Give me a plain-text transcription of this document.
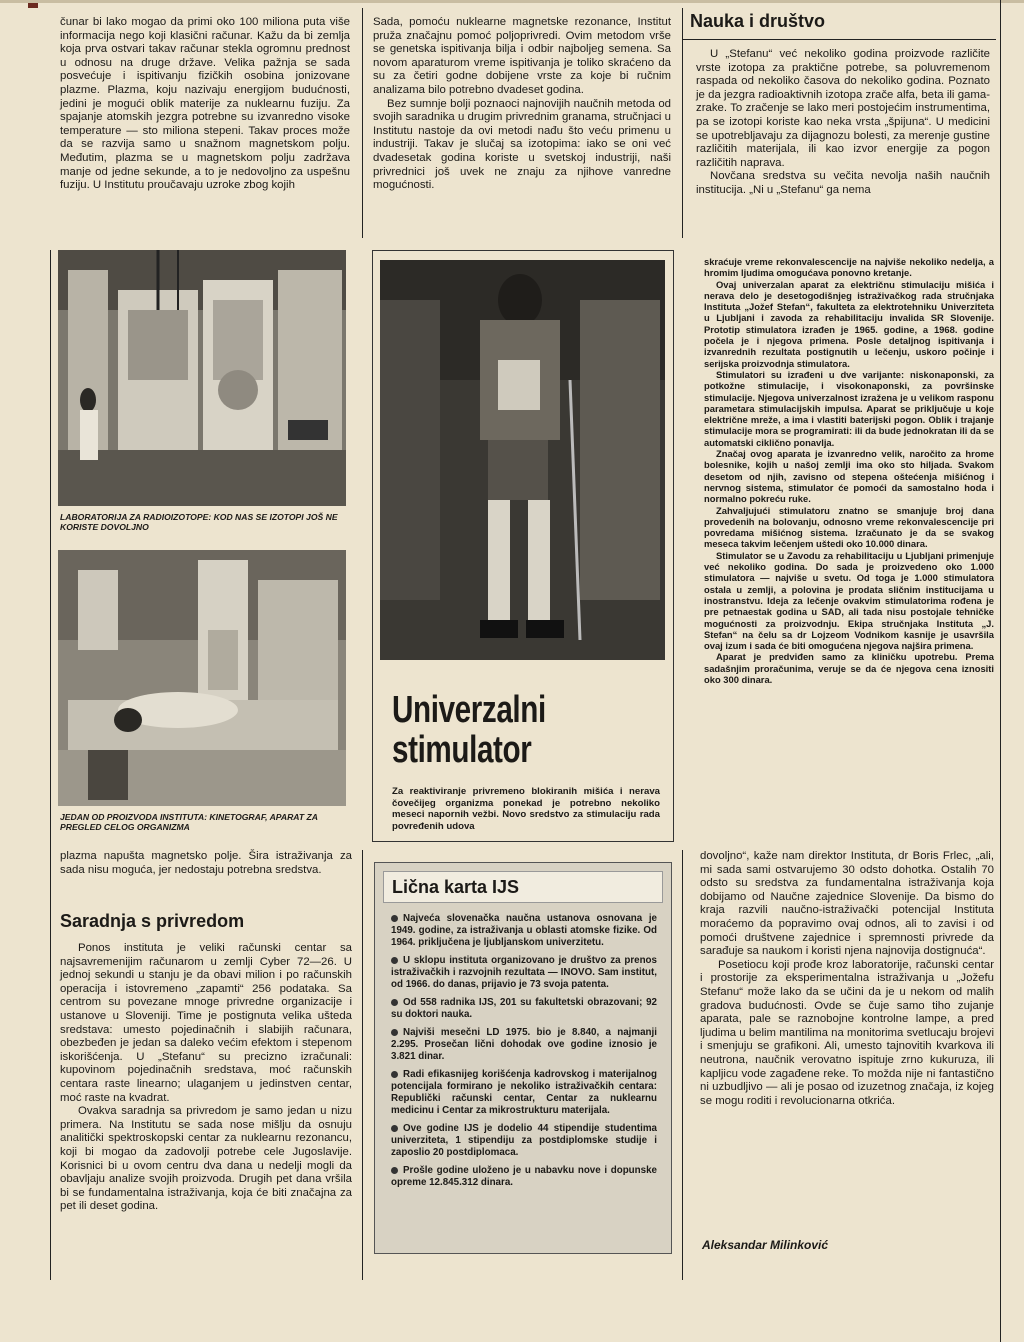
čunar bi lako mogao da primi oko 100 miliona puta više informacija nego koji klasični računar. Kažu da bi zemlja koja prva ostvari takav računar stekla ogromnu prednost u odnosu na druge države. Velika pažnja se sada posvećuje i ispitivanju fizičkih osobina jonizovane plazme. Plazma, koju nazivaju energijom budućnosti, jedini je mogući oblik materije za nuklearnu fuziju. Za spajanje atomskih jezgra potrebne su izvanredno visoke temperature — sto miliona stepeni. Takav proces može da se razvija samo u snažnom magnetskom polju. Međutim, plazma se u magnetskom polju zadržava manje od jedne sekunde, a to je nedovoljno za uspešnu fuziju. U Institutu proučavaju uzroke zbog kojih

Sada, pomoću nuklearne magnetske rezonance, Institut pruža značajnu pomoć poljoprivredi. Ovim metodom vrše se genetska ispitivanja bilja i odbir najboljeg semena. Sa novom aparaturom vreme ispitivanja je toliko skraćeno da su za četiri godne dobijene vrste za koje bi ručnim analizama bilo potrebno dvadeset godina.

Bez sumnje bolji poznaoci najnovijih naučnih metoda od svojih saradnika u drugim privrednim granama, stručnjaci u Institutu nastoje da ovi metodi nađu što veću primenu u industriji. Takav je slučaj sa izotopima: iako se oni već dvadesetak godina koriste u svetskoj industriji, naši privrednici još uvek ne znaju za njihove vanredne mogućnosti.

Nauka i društvo

U „Stefanu“ već nekoliko godina proizvode različite vrste izotopa za praktične potrebe, sa poluvremenom raspada od nekoliko časova do nekoliko godina. Poznato je da jezgra radioaktivnih izotopa zrače alfa, beta ili gama-zrake. To zračenje se lako meri postojećim instrumentima, pa se izotopi koriste kao neka vrsta „špijuna“. U medicini se upotrebljavaju za dijagnozu bolesti, za merenje gustine različitih materijala, ili kao izvor energije za pogon različitih naprava.

Novčana sredstva su večita nevolja naših naučnih institucija. „Ni u „Stefanu“ ga nema

LABORATORIJA ZA RADIOIZOTOPE: KOD NAS SE IZOTOPI JOŠ NE KORISTE DOVOLJNO
JEDAN OD PROIZVODA INSTITUTA: KINETOGRAF, APARAT ZA PREGLED CELOG ORGANIZMA
Univerzalni
stimulator
Za reaktiviranje privremeno blokiranih mišića i nerava čovečijeg organizma ponekad je potrebno nekoliko meseci napornih vežbi. Novo sredstvo za stimulaciju rada povređenih udova

skraćuje vreme rekonvalescencije na najviše nekoliko nedelja, a hromim ljudima omogućava ponovno kretanje.

Ovaj univerzalan aparat za električnu stimulaciju mišića i nerava delo je desetogodišnjeg istraživačkog rada stručnjaka Instituta „Jožef Stefan“, fakulteta za elektrotehniku Univerziteta u Ljubljani i zavoda za rehabilitaciju invalida SR Slovenije. Prototip stimulatora izrađen je 1965. godine, a 1968. godine počela je i njegova primena. Posle detaljnog ispitivanja i izvanrednih rezultata postignutih u lečenju, uskoro počinje i serijska proizvodnja stimulatora.

Stimulatori su izrađeni u dve varijante: niskonaponski, za potkožne stimulacije, i visokonaponski, za površinske stimulacije. Njegova univerzalnost izražena je u velikom rasponu parametara stimulacijskih impulsa. Aparat se priključuje u koje električne mreže, a ima i vlastiti baterijski pogon. Oblik i trajanje stimulacije mora se programirati: ili da bude jednokratan ili da se automatski ciklično ponavlja.

Značaj ovog aparata je izvanredno velik, naročito za hrome bolesnike, kojih u našoj zemlji ima oko sto hiljada. Svakom desetom od njih, zavisno od stepena oštećenja mišićnog i nervnog sistema, stimulator će pomoći da samostalno hoda i normalno pokreću ruke.

Zahvaljujući stimulatoru znatno se smanjuje broj dana provedenih na bolovanju, odnosno vreme rekonvalescencije pri povredama mišićnog sistema. Izračunato je da se svakog meseca takvim lečenjem uštedi oko 10.000 dinara.

Stimulator se u Zavodu za rehabilitaciju u Ljubljani primenjuje već nekoliko godina. Do sada je proizvedeno oko 1.000 stimulatora — najviše u svetu. Od toga je 1.000 stimulatora ostala u zemlji, a polovina je prodata sličnim institucijama u inostranstvu. Ideja za lečenje ovakvim stimulatorima rođena je pre petnaestak godina u SAD, ali tada nisu postojale tehničke mogućnosti za proizvodnju. Ekipa stručnjaka Instituta „J. Stefan“ na čelu sa dr Lojzeom Vodnikom kasnije je usavršila ovaj izum i sada će biti omogućena njegova najšira primena.

Aparat je predviđen samo za kliničku upotrebu. Prema sadašnjim proračunima, veruje se da će njegova cena iznositi oko 300 dinara.

plazma napušta magnetsko polje. Šira istraživanja za sada nisu moguća, jer nedostaju potrebna sredstva.

Saradnja s privredom

Ponos instituta je veliki računski centar sa najsavremenijim računarom u zemlji Cyber 72—26. U jednoj sekundi u stanju je da obavi milion i po računskih operacija i istovremeno „zapamti“ 256 podataka. Sa centrom su povezane mnoge privredne organizacije i ustanove u Sloveniji. Time je postignuta velika ušteda sredstava: umesto pojedinačnih i slabijih računara, obezbeđen je jedan sa daleko većim efektom i stepenom iskorišćenja. U „Stefanu“ su precizno izračunali: kupovinom pojedinačnih sredstava, moć računskih centara raste linearno; ulaganjem u jedinstven centar, moć raste na kvadrat.

Ovakva saradnja sa privredom je samo jedan u nizu primera. Na Institutu se sada nose mišlju da osnuju analitički spektroskopski centar za nuklearnu rezonancu, koji bi mogao da zadovolji potrebe cele Jugoslavije. Korisnici bi u ovom centru dva dana u nedelji mogli da obavljaju analize svojih proizvoda. Drugih pet dana vršila bi se fundamentalna istraživanja, koja će biti značajna za pet ili deset godina.

Lična karta IJS
Najveća slovenačka naučna ustanova osnovana je 1949. godine, za istraživanja u oblasti atomske fizike. Od 1964. priključena je ljubljanskom univerzitetu.
U sklopu instituta organizovano je društvo za prenos istraživačkih i razvojnih rezultata — INOVO. Sam institut, od 1966. do danas, prijavio je 73 svoja patenta.
Od 558 radnika IJS, 201 su fakultetski obrazovani; 92 su doktori nauka.
Najviši mesečni LD 1975. bio je 8.840, a najmanji 2.295. Prosečan lični dohodak ove godine iznosio je 3.821 dinar.
Radi efikasnijeg korišćenja kadrovskog i materijalnog potencijala formirano je nekoliko istraživačkih centara: Republički računski centar, Centar za nuklearnu medicinu i Centar za mikrostrukturu materijala.
Ove godine IJS je dodelio 44 stipendije studentima univerziteta, 1 stipendiju za postdiplomske studije i zaposlio 20 postdiplomaca.
Prošle godine uloženo je u nabavku nove i dopunske opreme 12.845.312 dinara.

dovoljno“, kaže nam direktor Instituta, dr Boris Frlec, „ali, mi sada sami ostvarujemo 30 odsto dohotka. Ostalih 70 odsto su sredstva za fundamentalna istraživanja koja dobijamo od Naučne zajednice Slovenije. Da bismo do kraja razvili naučno-istraživački potencijal Instituta moraćemo da popravimo ovaj odnos, ali to zavisi i od pomoći društvene zajednice i spremnosti privrede da sarađuje sa naukom i koristi njena najnovija dostignuća“.

Posetiocu koji prođe kroz laboratorije, računski centar i prostorije za eksperimentalna istraživanja u „Jožefu Stefanu“ može lako da se učini da je u nekom od malih gradova budućnosti. Ovde se čuje samo tiho zujanje aparata, pale se raznobojne kontrolne lampe, a pred ljudima u belim mantilima na monitorima svetlucaju brojevi i smenjuju se grafikoni. Ali, umesto tajnovitih kvarkova ili neutrona, naučnik verovatno ispituje zrno kukuruza, ili kapljicu vode zagađene reke. To možda nije ni fantastično ni uzbudljivo — ali je posao od izuzetnog značaja, iz kojeg se mogu roditi i revolucionarna otkrića.

Aleksandar Milinković
